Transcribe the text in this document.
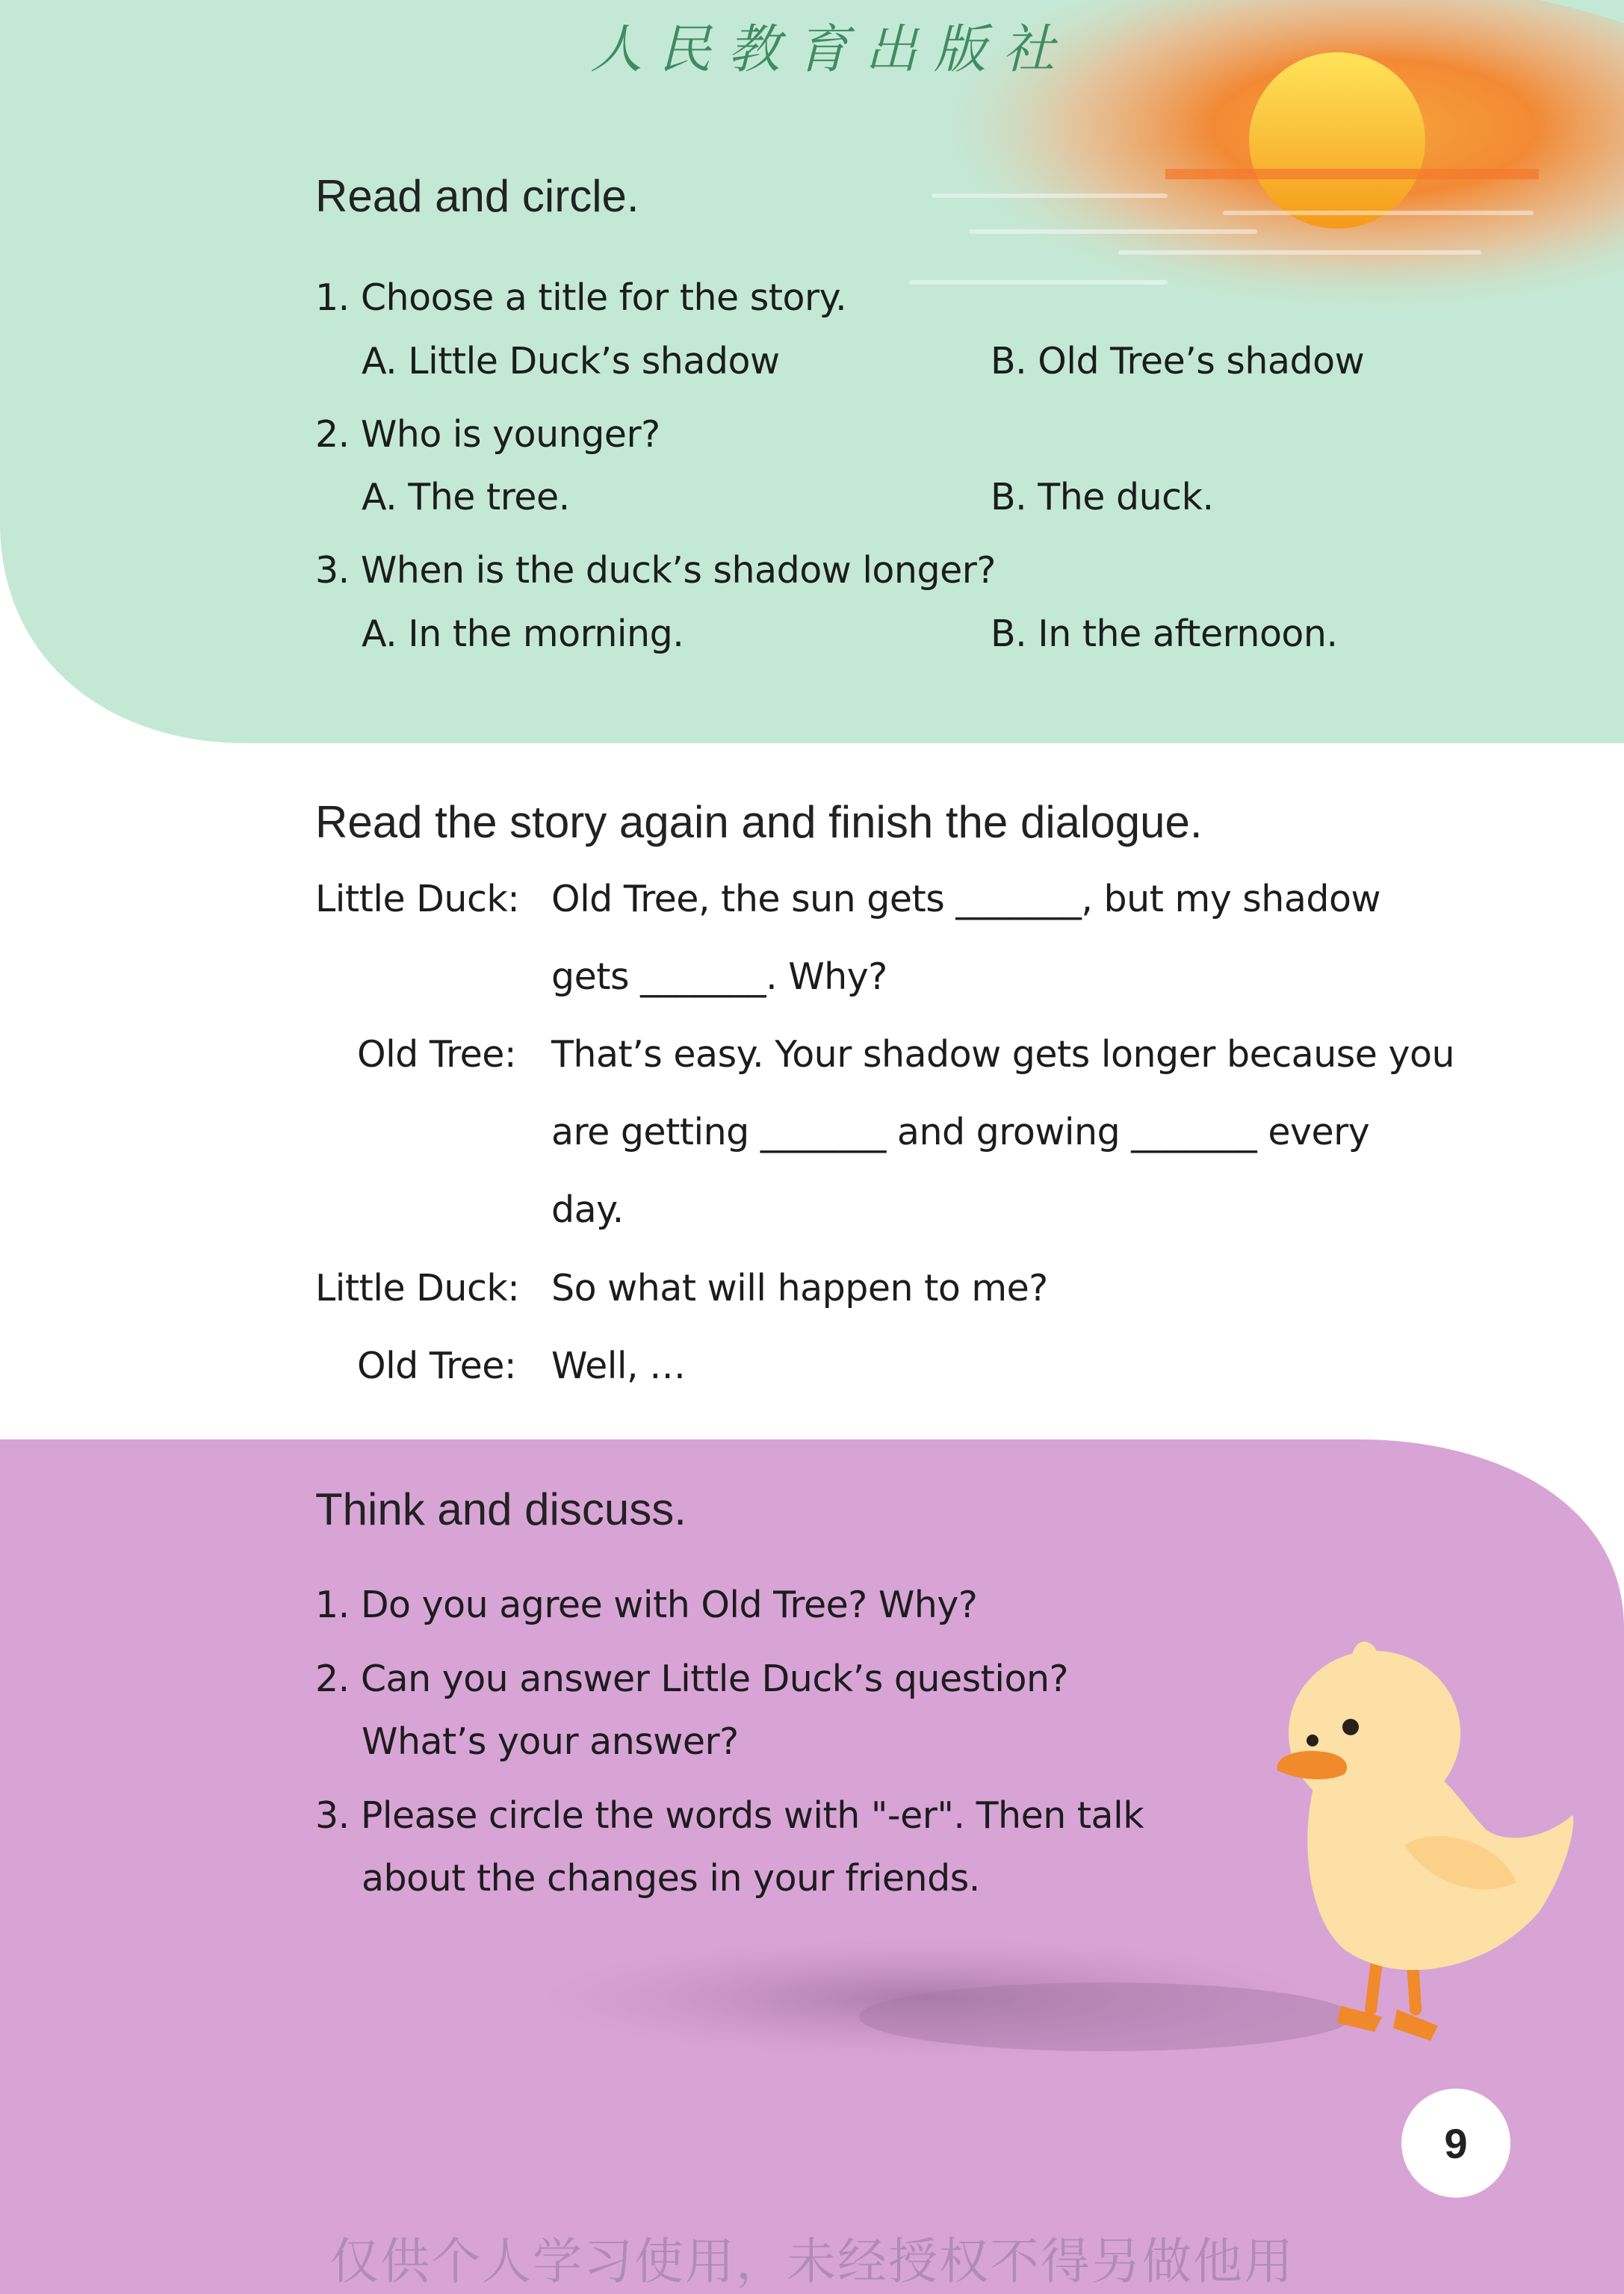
人民教育出版社
Read and circle.
1. Choose a title for the story.
A. Little Duck’s shadow	B. Old Tree’s shadow
2. Who is younger?
A. The tree.	B. The duck.
3. When is the duck’s shadow longer?
A. In the morning.	B. In the afternoon.
Read the story again and finish the dialogue.
Little Duck: Old Tree, the sun gets _______, but my shadow
gets _______. Why?
Old Tree: That’s easy. Your shadow gets longer because you
are getting _______ and growing _______ every
day.
Little Duck: So what will happen to me?
Old Tree: Well, …
Think and discuss.
1. Do you agree with Old Tree? Why?
2. Can you answer Little Duck’s question?
What’s your answer?
3. Please circle the words with "-er". Then talk
about the changes in your friends.
9
仅供个人学习使用，未经授权不得另做他用
